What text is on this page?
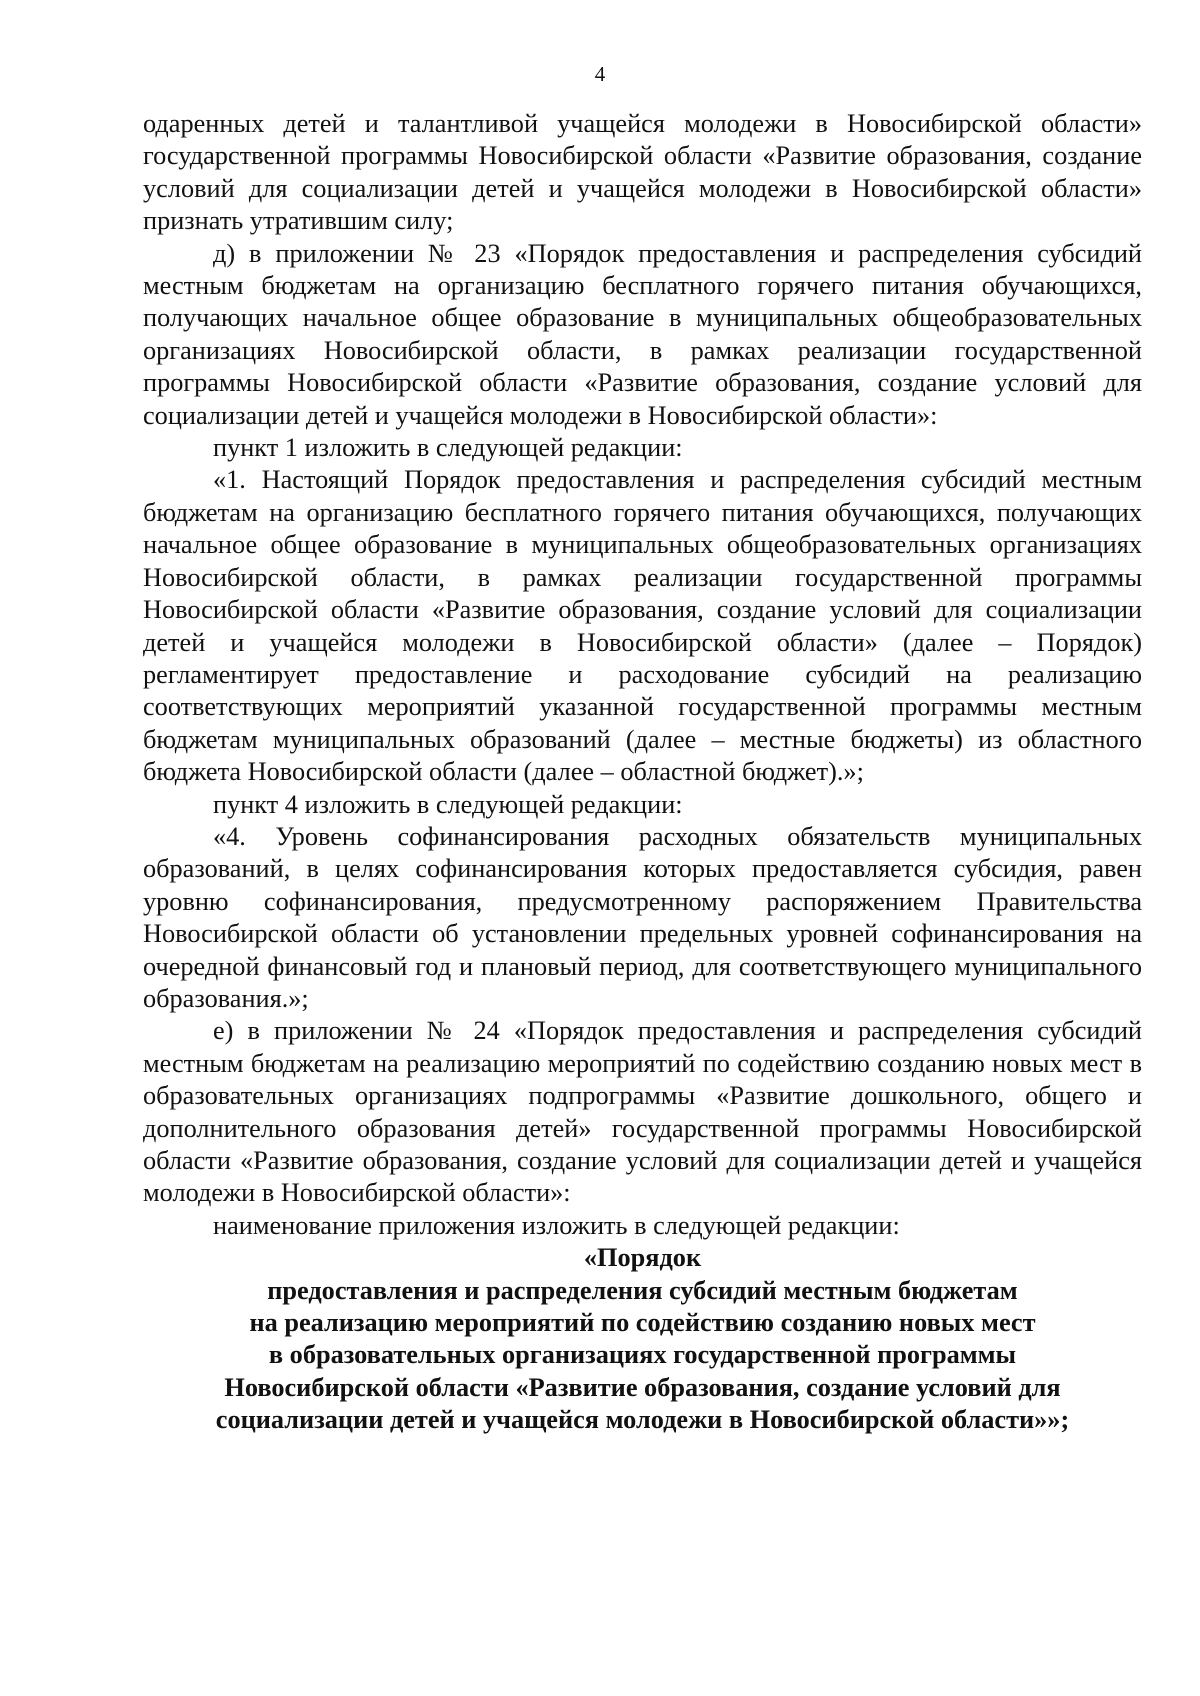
4

одаренных детей и талантливой учащейся молодежи в Новосибирской области» государственной программы Новосибирской области «Развитие образования, создание условий для социализации детей и учащейся молодежи в Новосибирской области» признать утратившим силу;

д) в приложении № 23 «Порядок предоставления и распределения субсидий местным бюджетам на организацию бесплатного горячего питания обучающихся, получающих начальное общее образование в муниципальных общеобразовательных организациях Новосибирской области, в рамках реализации государственной программы Новосибирской области «Развитие образования, создание условий для социализации детей и учащейся молодежи в Новосибирской области»:

пункт 1 изложить в следующей редакции:

«1. Настоящий Порядок предоставления и распределения субсидий местным бюджетам на организацию бесплатного горячего питания обучающихся, получающих начальное общее образование в муниципальных общеобразовательных организациях Новосибирской области, в рамках реализации государственной программы Новосибирской области «Развитие образования, создание условий для социализации детей и учащейся молодежи в Новосибирской области» (далее – Порядок) регламентирует предоставление и расходование субсидий на реализацию соответствующих мероприятий указанной государственной программы местным бюджетам муниципальных образований (далее – местные бюджеты) из областного бюджета Новосибирской области (далее – областной бюджет).»;

пункт 4 изложить в следующей редакции:

«4. Уровень софинансирования расходных обязательств муниципальных образований, в целях софинансирования которых предоставляется субсидия, равен уровню софинансирования, предусмотренному распоряжением Правительства Новосибирской области об установлении предельных уровней софинансирования на очередной финансовый год и плановый период, для соответствующего муниципального образования.»;

е) в приложении № 24 «Порядок предоставления и распределения субсидий местным бюджетам на реализацию мероприятий по содействию созданию новых мест в образовательных организациях подпрограммы «Развитие дошкольного, общего и дополнительного образования детей» государственной программы Новосибирской области «Развитие образования, создание условий для социализации детей и учащейся молодежи в Новосибирской области»:

наименование приложения изложить в следующей редакции:

«Порядок
предоставления и распределения субсидий местным бюджетам
на реализацию мероприятий по содействию созданию новых мест
в образовательных организациях государственной программы
Новосибирской области «Развитие образования, создание условий для
социализации детей и учащейся молодежи в Новосибирской области»»;
